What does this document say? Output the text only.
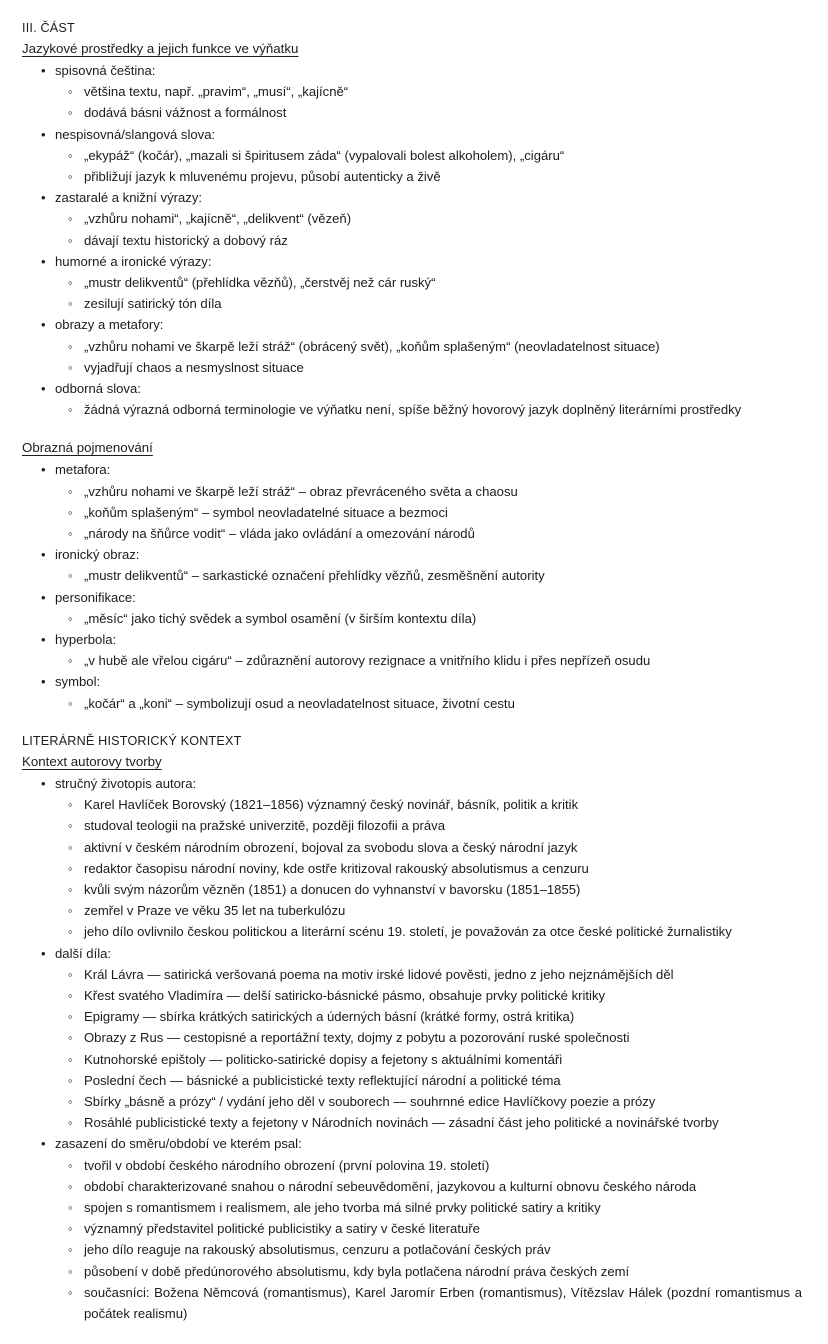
III. ČÁST
Jazykové prostředky a jejich funkce ve výňatku
• spisovná čeština:
◦ většina textu, např. „pravim“, „musí“, „kajícně“
◦ dodává básni vážnost a formálnost
• nespisovná/slangová slova:
◦ „ekypáž“ (kočár), „mazali si špiritusem záda“ (vypalovali bolest alkoholem), „cigáru“
◦ přibližují jazyk k mluvenému projevu, působí autenticky a živě
• zastaralé a knižní výrazy:
◦ „vzhůru nohami“, „kajícně“, „delikvent“ (vězeň)
◦ dávají textu historický a dobový ráz
• humorné a ironické výrazy:
◦ „mustr delikventů“ (přehlídka vězňů), „čerstvěj než cár ruský“
◦ zesilují satirický tón díla
• obrazy a metafory:
◦ „vzhůru nohami ve škarpě leží stráž“ (obrácený svět), „koňům splašeným“ (neovladatelnost situace)
◦ vyjadřují chaos a nesmyslnost situace
• odborná slova:
◦ žádná výrazná odborná terminologie ve výňatku není, spíše běžný hovorový jazyk doplněný literárními prostředky
Obrazná pojmenování
• metafora:
◦ „vzhůru nohami ve škarpě leží stráž“ – obraz převráceného světa a chaosu
◦ „koňům splašeným“ – symbol neovladatelné situace a bezmoci
◦ „národy na šňůrce vodit“ – vláda jako ovládání a omezování národů
• ironický obraz:
◦ „mustr delikventů“ – sarkastické označení přehlídky vězňů, zesměšnění autority
• personifikace:
◦ „měsíc“ jako tichý svědek a symbol osamění (v širším kontextu díla)
• hyperbola:
◦ „v hubě ale vřelou cigáru“ – zdůraznění autorovy rezignace a vnitřního klidu i přes nepřízeň osudu
• symbol:
◦ „kočár“ a „koni“ – symbolizují osud a neovladatelnost situace, životní cestu
LITERÁRNĚ HISTORICKÝ KONTEXT
Kontext autorovy tvorby
• stručný životopis autora:
◦ Karel Havlíček Borovský (1821–1856) významný český novinář, básník, politik a kritik
◦ studoval teologii na pražské univerzitě, později filozofii a práva
◦ aktivní v českém národním obrození, bojoval za svobodu slova a český národní jazyk
◦ redaktor časopisu národní noviny, kde ostře kritizoval rakouský absolutismus a cenzuru
◦ kvůli svým názorům vězněn (1851) a donucen do vyhnanství v bavorsku (1851–1855)
◦ zemřel v Praze ve věku 35 let na tuberkulózu
◦ jeho dílo ovlivnilo českou politickou a literární scénu 19. století, je považován za otce české politické žurnalistiky
• další díla:
◦ Král Lávra — satirická veršovaná poema na motiv irské lidové pověsti, jedno z jeho nejznámějších děl
◦ Křest svatého Vladimíra — delší satiricko-básnické pásmo, obsahuje prvky politické kritiky
◦ Epigramy — sbírka krátkých satirických a úderných básní (krátké formy, ostrá kritika)
◦ Obrazy z Rus — cestopisné a reportážní texty, dojmy z pobytu a pozorování ruské společnosti
◦ Kutnohorské epištoly — politicko-satirické dopisy a fejetony s aktuálními komentáři
◦ Poslední čech — básnické a publicistické texty reflektující národní a politické téma
◦ Sbírky „básně a prózy“ / vydání jeho děl v souborech — souhrnné edice Havlíčkovy poezie a prózy
◦ Rosáhlé publicistické texty a fejetony v Národních novinách — zásadní část jeho politické a novinářské tvorby
• zasazení do směru/období ve kterém psal:
◦ tvořil v období českého národního obrození (první polovina 19. století)
◦ období charakterizované snahou o národní sebeuvědomění, jazykovou a kulturní obnovu českého národa
◦ spojen s romantismem i realismem, ale jeho tvorba má silné prvky politické satiry a kritiky
◦ významný představitel politické publicistiky a satiry v české literatuře
◦ jeho dílo reaguje na rakouský absolutismus, cenzuru a potlačování českých práv
◦ působení v době předúnorového absolutismu, kdy byla potlačena národní práva českých zemí
◦ současníci: Božena Němcová (romantismus), Karel Jaromír Erben (romantismus), Vítězslav Hálek (pozdní romantismus a počátek realismu)
